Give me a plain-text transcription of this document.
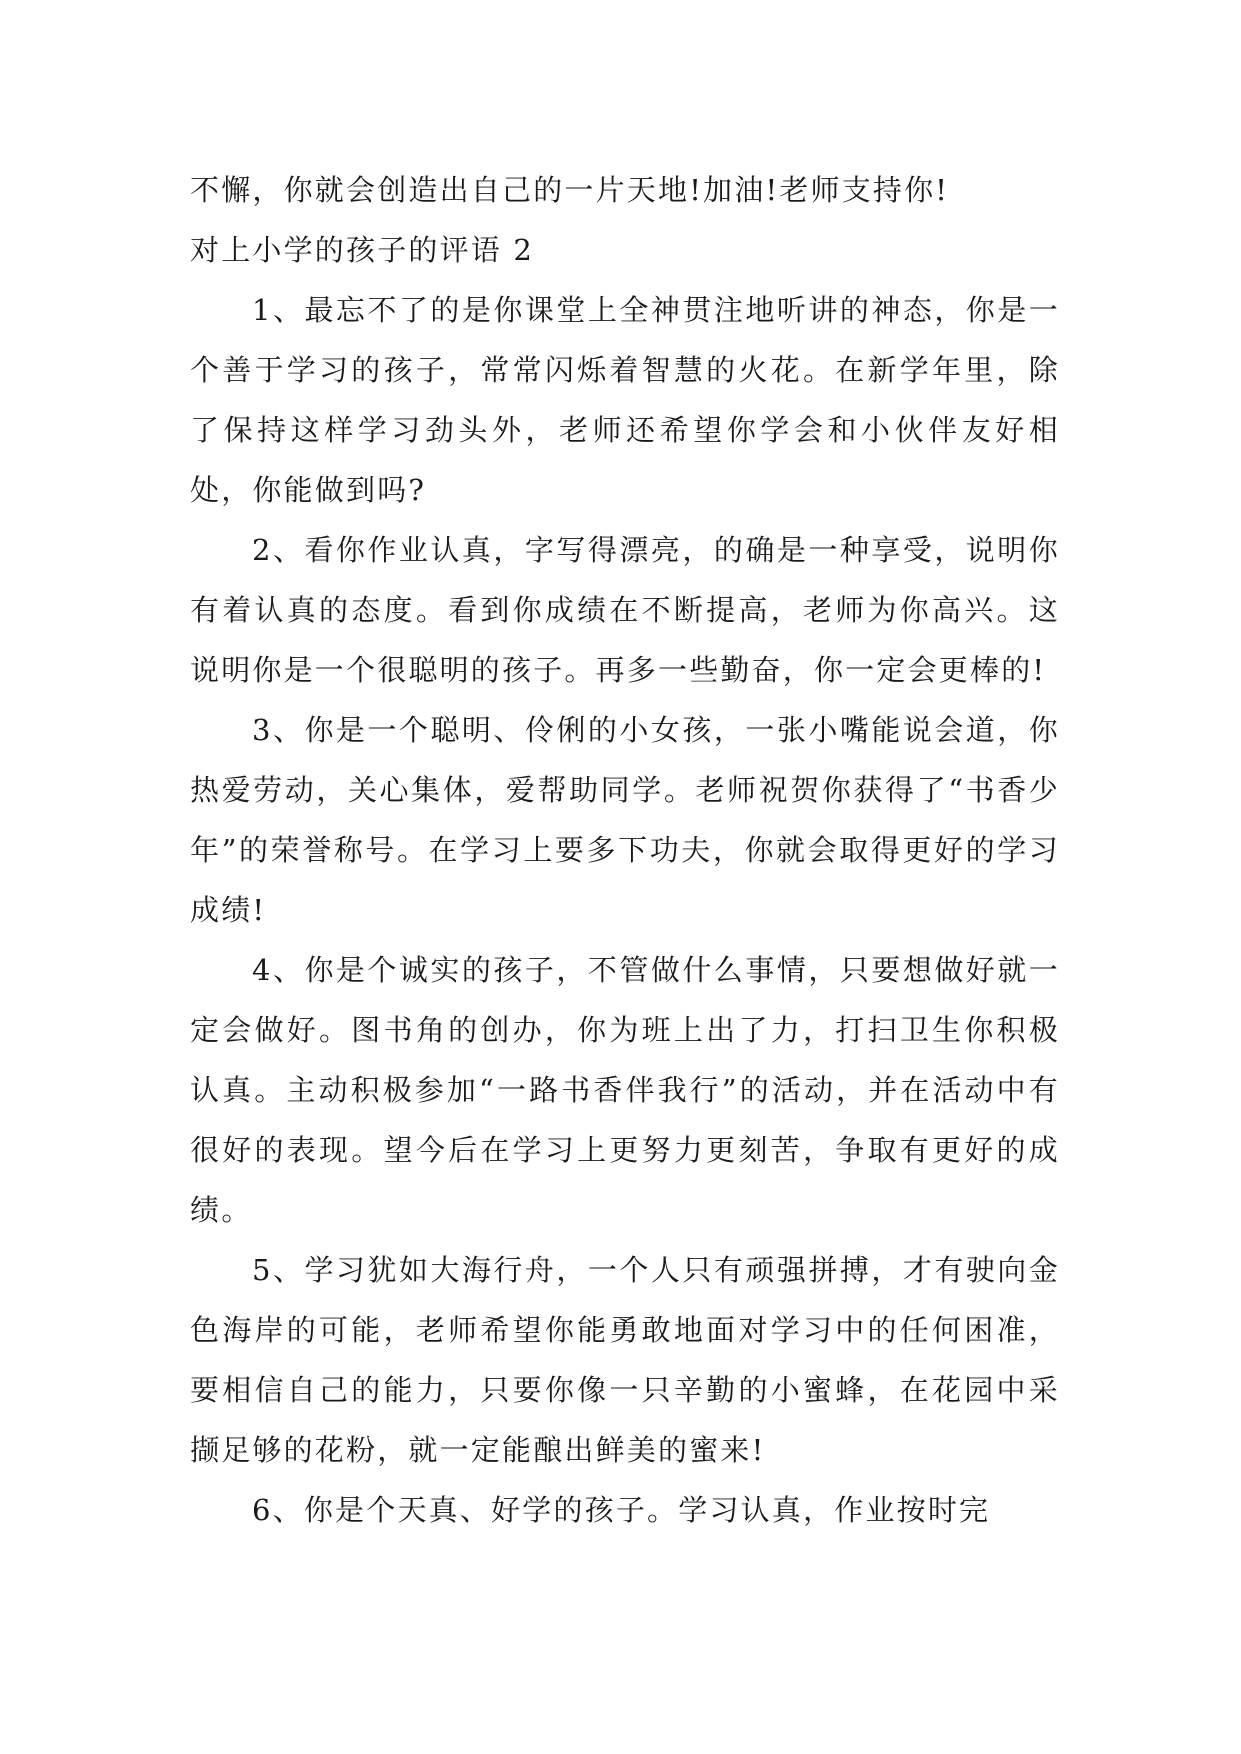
不懈，你就会创造出自己的一片天地!加油!老师支持你!

对上小学的孩子的评语 2

1、最忘不了的是你课堂上全神贯注地听讲的神态，你是一个善于学习的孩子，常常闪烁着智慧的火花。在新学年里，除了保持这样学习劲头外，老师还希望你学会和小伙伴友好相处，你能做到吗?

2、看你作业认真，字写得漂亮，的确是一种享受，说明你有着认真的态度。看到你成绩在不断提高，老师为你高兴。这说明你是一个很聪明的孩子。再多一些勤奋，你一定会更棒的!

3、你是一个聪明、伶俐的小女孩，一张小嘴能说会道，你热爱劳动，关心集体，爱帮助同学。老师祝贺你获得了“书香少年”的荣誉称号。在学习上要多下功夫，你就会取得更好的学习成绩!

4、你是个诚实的孩子，不管做什么事情，只要想做好就一定会做好。图书角的创办，你为班上出了力，打扫卫生你积极认真。主动积极参加“一路书香伴我行”的活动，并在活动中有很好的表现。望今后在学习上更努力更刻苦，争取有更好的成绩。

5、学习犹如大海行舟，一个人只有顽强拼搏，才有驶向金色海岸的可能，老师希望你能勇敢地面对学习中的任何困准，要相信自己的能力，只要你像一只辛勤的小蜜蜂，在花园中采撷足够的花粉，就一定能酿出鲜美的蜜来!

6、你是个天真、好学的孩子。学习认真，作业按时完
